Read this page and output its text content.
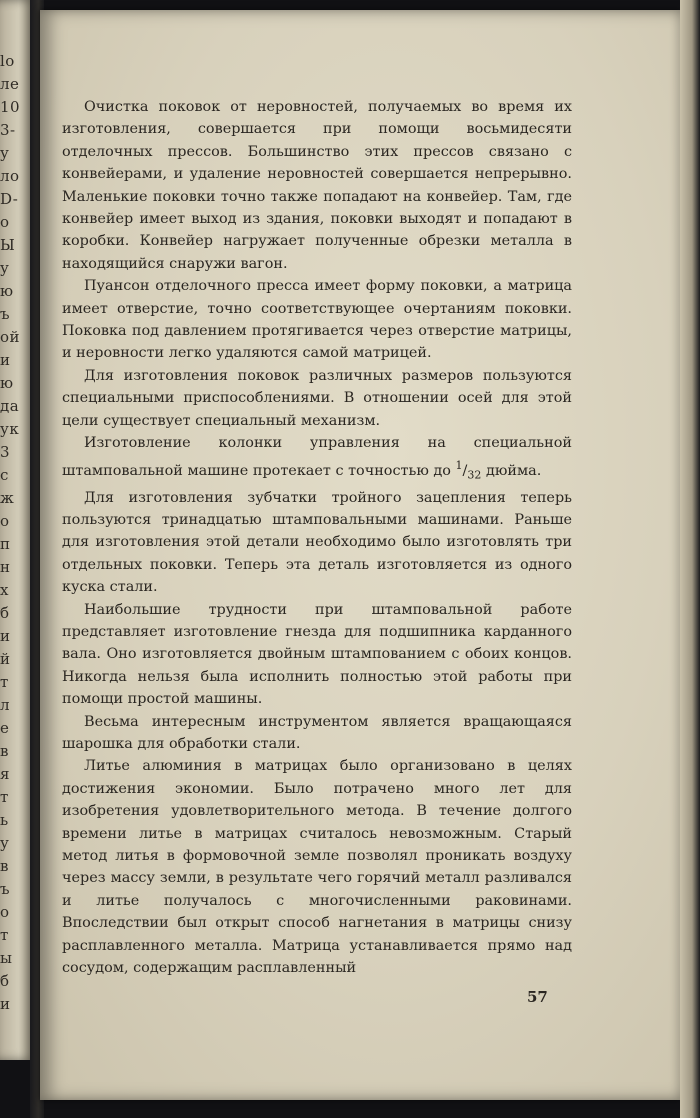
lo
ле
10
3-
у
ло
D-
о
Ы
у
ю
ъ
ой
и
ю
да
ук
3
с
ж
о
п
н
х
б
и
й
т
л
е
в
я
т
ь
у
в
ъ
о
т
ы
б
и

Очистка поковок от неровностей, получаемых во время их изготовления, совершается при помощи восьмидесяти отделочных прессов. Большинство этих прессов связано с конвейерами, и удаление неровностей совершается непрерывно. Маленькие поковки точно также попадают на конвейер. Там, где конвейер имеет выход из здания, поковки выходят и попадают в коробки. Конвейер нагружает полученные обрезки металла в находящийся снаружи вагон.

Пуансон отделочного пресса имеет форму поковки, а матрица имеет отверстие, точно соответствующее очертаниям поковки. Поковка под давлением протягивается через отверстие матрицы, и неровности легко удаляются самой матрицей.

Для изготовления поковок различных размеров пользуются специальными приспособлениями. В отношении осей для этой цели существует специальный механизм.

Изготовление колонки управления на специальной штамповальной машине протекает с точностью до $^1/_{32}$ дюйма.

Для изготовления зубчатки тройного зацепления теперь пользуются тринадцатью штамповальными машинами. Раньше для изготовления этой детали необходимо было изготовлять три отдельных поковки. Теперь эта деталь изготовляется из одного куска стали.

Наибольшие трудности при штамповальной работе представляет изготовление гнезда для подшипника карданного вала. Оно изготовляется двойным штампованием с обоих концов. Никогда нельзя была исполнить полностью этой работы при помощи простой машины.

Весьма интересным инструментом является вращающаяся шарошка для обработки стали.

Литье алюминия в матрицах было организовано в целях достижения экономии. Было потрачено много лет для изобретения удовлетворительного метода. В течение долгого времени литье в матрицах считалось невозможным. Старый метод литья в формовочной земле позволял проникать воздуху через массу земли, в результате чего горячий металл разливался и литье получалось с многочисленными раковинами. Впоследствии был открыт способ нагнетания в матрицы снизу расплавленного металла. Матрица устанавливается прямо над сосудом, содержащим расплавленный

57
